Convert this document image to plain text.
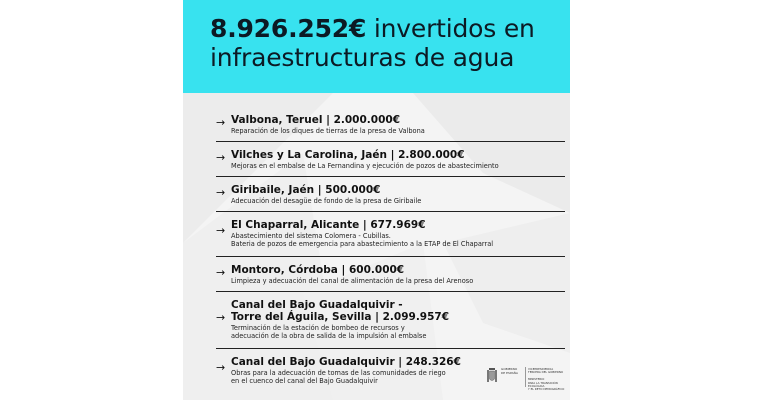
8.926.252€ invertidos en infraestructuras de agua
→ Valbona, Teruel | 2.000.000€
Reparación de los diques de tierras de la presa de Valbona
→ Vilches y La Carolina, Jaén | 2.800.000€
Mejoras en el embalse de La Fernandina y ejecución de pozos de abastecimiento
→ Giribaile, Jaén | 500.000€
Adecuación del desagüe de fondo de la presa de Giribaile
→ El Chaparral, Alicante | 677.969€
Abastecimiento del sistema Colomera - Cubillas.
Bateria de pozos de emergencia para abastecimiento a la ETAP de El Chaparral
→ Montoro, Córdoba | 600.000€
Limpieza y adecuación del canal de alimentación de la presa del Arenoso
→
Canal del Bajo Guadalquivir -
Torre del Águila, Sevilla | 2.099.957€
Terminación de la estación de bombeo de recursos y
adecuación de la obra de salida de la impulsión al embalse
→ Canal del Bajo Guadalquivir | 248.326€
Obras para la adecuación de tomas de las comunidades de riego
en el cuenco del canal del Bajo Guadalquivir
GOBIERNO
DE ESPAÑA
VICEPRESIDENCIA
TERCERA DEL GOBIERNO

MINISTERIO
PARA LA TRANSICIÓN ECOLÓGICA
Y EL RETO DEMOGRÁFICO
